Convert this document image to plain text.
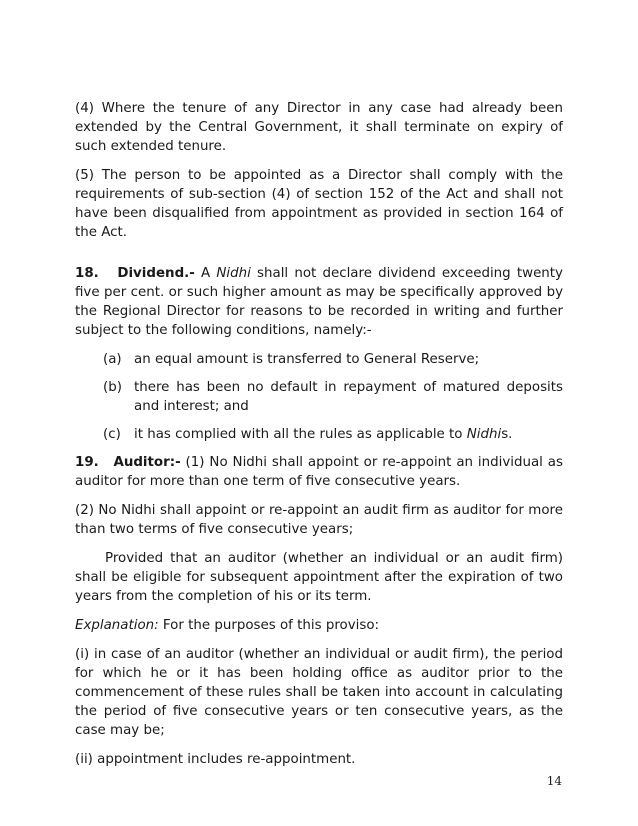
(4) Where the tenure of any Director in any case had already been extended by the Central Government, it shall terminate on expiry of such extended tenure.

(5) The person to be appointed as a Director shall comply with the requirements of sub-section (4) of section 152 of the Act and shall not have been disqualified from appointment as provided in section 164 of the Act.

18. Dividend.- A Nidhi shall not declare dividend exceeding twenty five per cent. or such higher amount as may be specifically approved by the Regional Director for reasons to be recorded in writing and further subject to the following conditions, namely:-

(a) an equal amount is transferred to General Reserve;
(b) there has been no default in repayment of matured deposits and interest; and
(c) it has complied with all the rules as applicable to Nidhis.

19. Auditor:- (1) No Nidhi shall appoint or re-appoint an individual as auditor for more than one term of five consecutive years.

(2) No Nidhi shall appoint or re-appoint an audit firm as auditor for more than two terms of five consecutive years;

Provided that an auditor (whether an individual or an audit firm) shall be eligible for subsequent appointment after the expiration of two years from the completion of his or its term.

Explanation: For the purposes of this proviso:

(i) in case of an auditor (whether an individual or audit firm), the period for which he or it has been holding office as auditor prior to the commencement of these rules shall be taken into account in calculating the period of five consecutive years or ten consecutive years, as the case may be;

(ii) appointment includes re-appointment.

14
